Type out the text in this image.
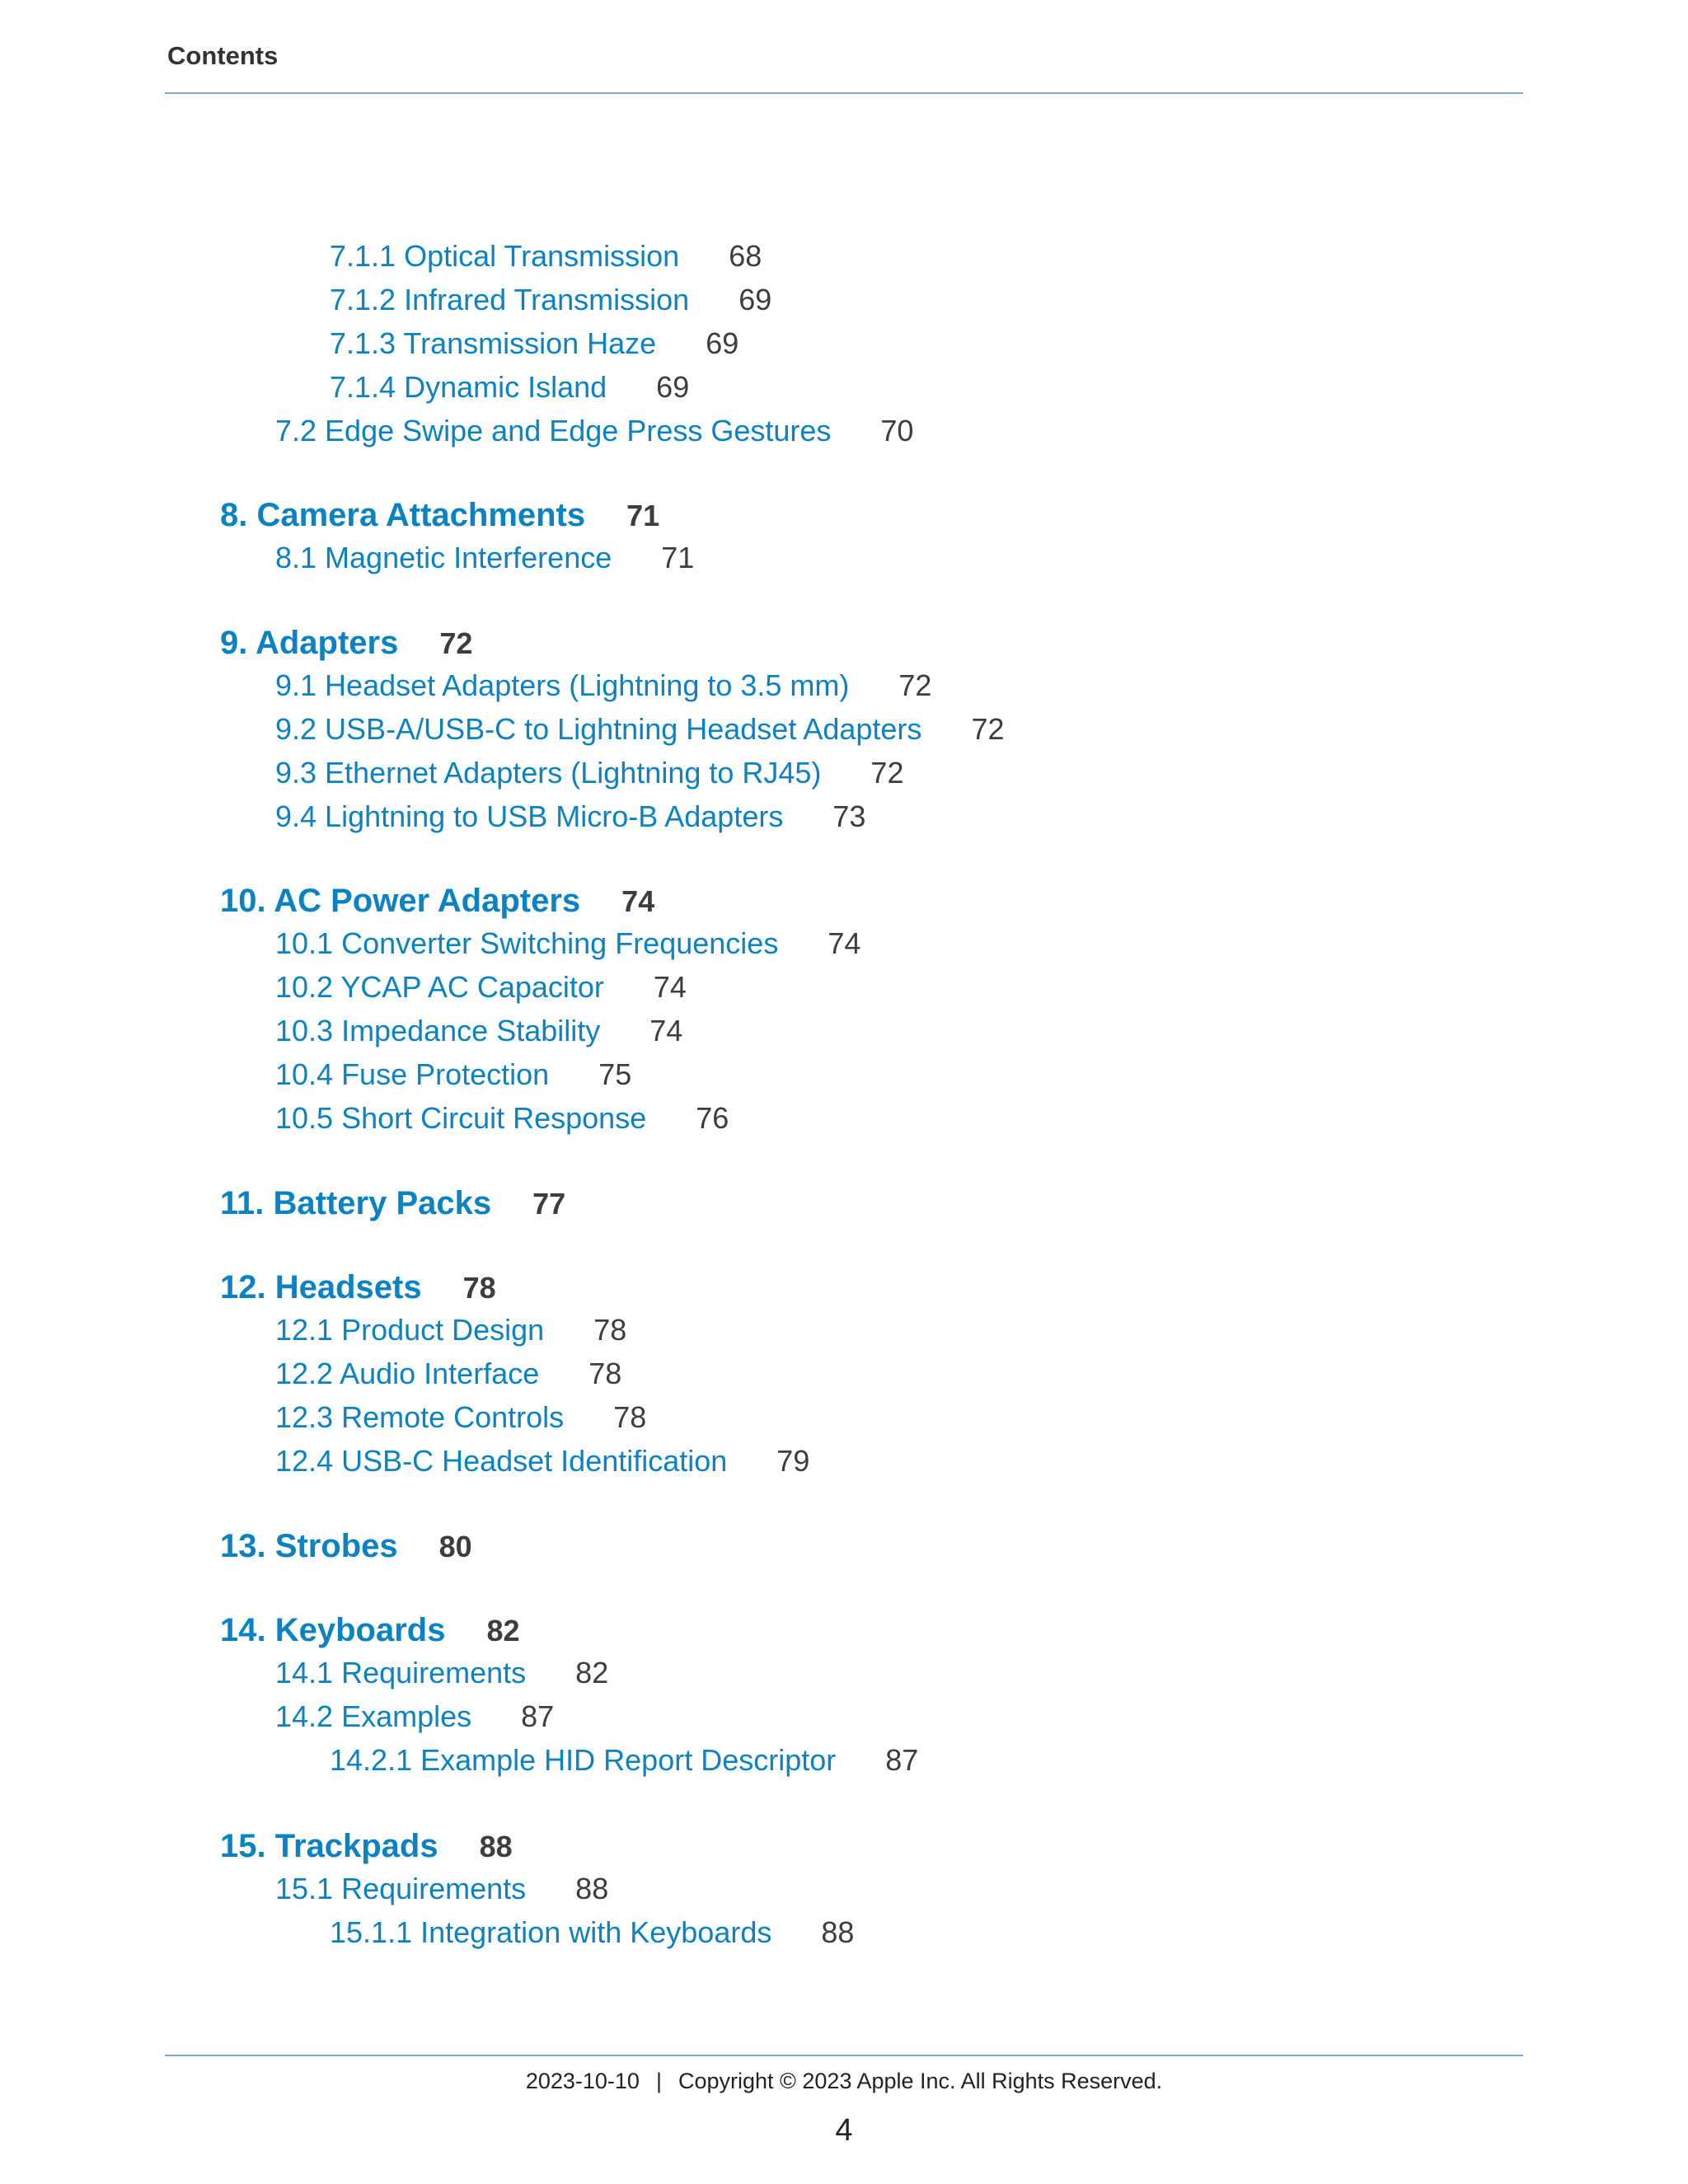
Contents
7.1.1 Optical Transmission 68
7.1.2 Infrared Transmission 69
7.1.3 Transmission Haze 69
7.1.4 Dynamic Island 69
7.2 Edge Swipe and Edge Press Gestures 70
8. Camera Attachments 71
8.1 Magnetic Interference 71
9. Adapters 72
9.1 Headset Adapters (Lightning to 3.5 mm) 72
9.2 USB-A/USB-C to Lightning Headset Adapters 72
9.3 Ethernet Adapters (Lightning to RJ45) 72
9.4 Lightning to USB Micro-B Adapters 73
10. AC Power Adapters 74
10.1 Converter Switching Frequencies 74
10.2 YCAP AC Capacitor 74
10.3 Impedance Stability 74
10.4 Fuse Protection 75
10.5 Short Circuit Response 76
11. Battery Packs 77
12. Headsets 78
12.1 Product Design 78
12.2 Audio Interface 78
12.3 Remote Controls 78
12.4 USB-C Headset Identification 79
13. Strobes 80
14. Keyboards 82
14.1 Requirements 82
14.2 Examples 87
14.2.1 Example HID Report Descriptor 87
15. Trackpads 88
15.1 Requirements 88
15.1.1 Integration with Keyboards 88
2023-10-10 | Copyright © 2023 Apple Inc. All Rights Reserved.
4
